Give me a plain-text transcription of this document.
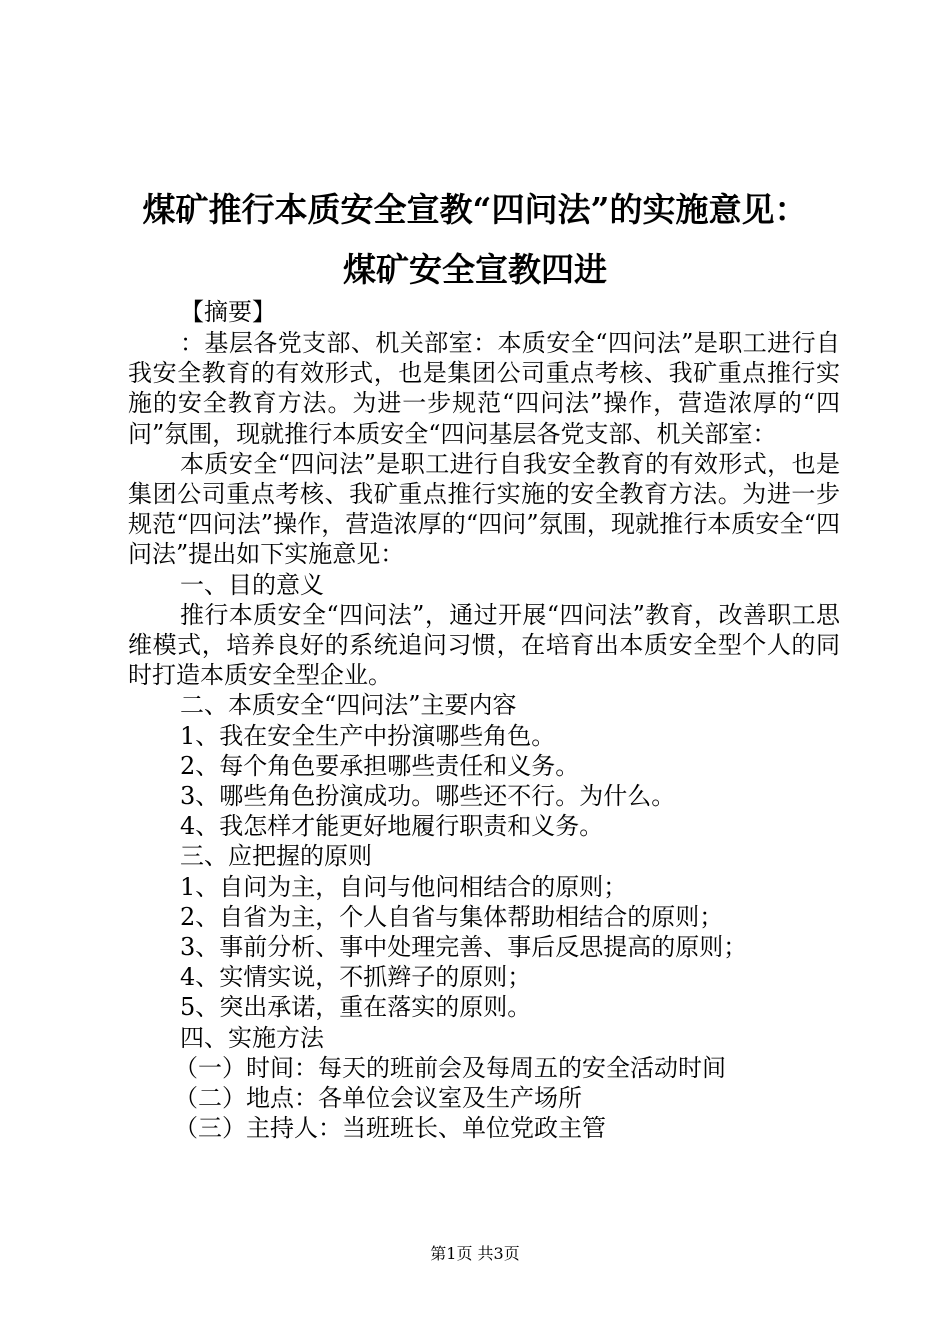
煤矿推行本质安全宣教“四问法”的实施意见：
煤矿安全宣教四进
【摘要】

：基层各党支部、机关部室：本质安全“四问法”是职工进行自我安全教育的有效形式，也是集团公司重点考核、我矿重点推行实施的安全教育方法。为进一步规范“四问法”操作，营造浓厚的“四问”氛围，现就推行本质安全“四问基层各党支部、机关部室：

本质安全“四问法”是职工进行自我安全教育的有效形式，也是集团公司重点考核、我矿重点推行实施的安全教育方法。为进一步规范“四问法”操作，营造浓厚的“四问”氛围，现就推行本质安全“四问法”提出如下实施意见：

一、目的意义

推行本质安全“四问法”，通过开展“四问法”教育，改善职工思维模式，培养良好的系统追问习惯，在培育出本质安全型个人的同时打造本质安全型企业。

二、本质安全“四问法”主要内容

1、我在安全生产中扮演哪些角色。

2、每个角色要承担哪些责任和义务。

3、哪些角色扮演成功。哪些还不行。为什么。

4、我怎样才能更好地履行职责和义务。

三、应把握的原则

1、自问为主，自问与他问相结合的原则；

2、自省为主，个人自省与集体帮助相结合的原则；

3、事前分析、事中处理完善、事后反思提高的原则；

4、实情实说，不抓辫子的原则；

5、突出承诺，重在落实的原则。

四、实施方法

（一）时间：每天的班前会及每周五的安全活动时间

（二）地点：各单位会议室及生产场所

（三）主持人：当班班长、单位党政主管

第1页 共3页
